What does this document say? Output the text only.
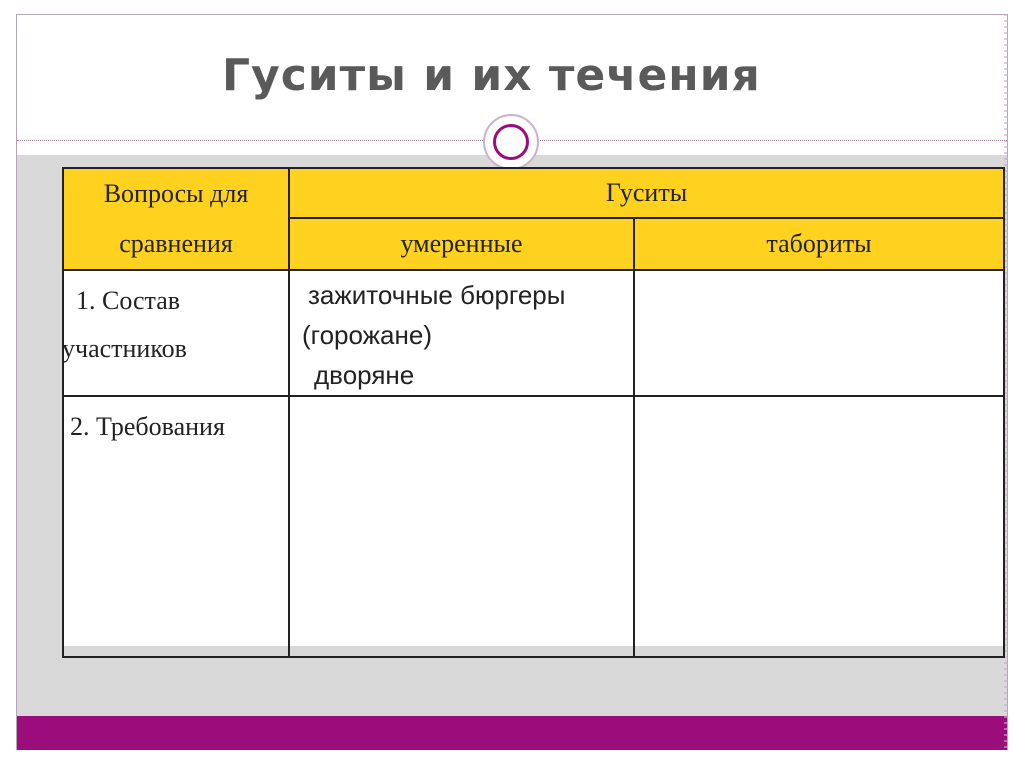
Гуситы и их течения
Вопросы для
сравнения	Гуситы	
	умеренные	табориты

1. Состав
участников	зажиточные бюргеры
(горожане)
дворяне	

2. Требования		
